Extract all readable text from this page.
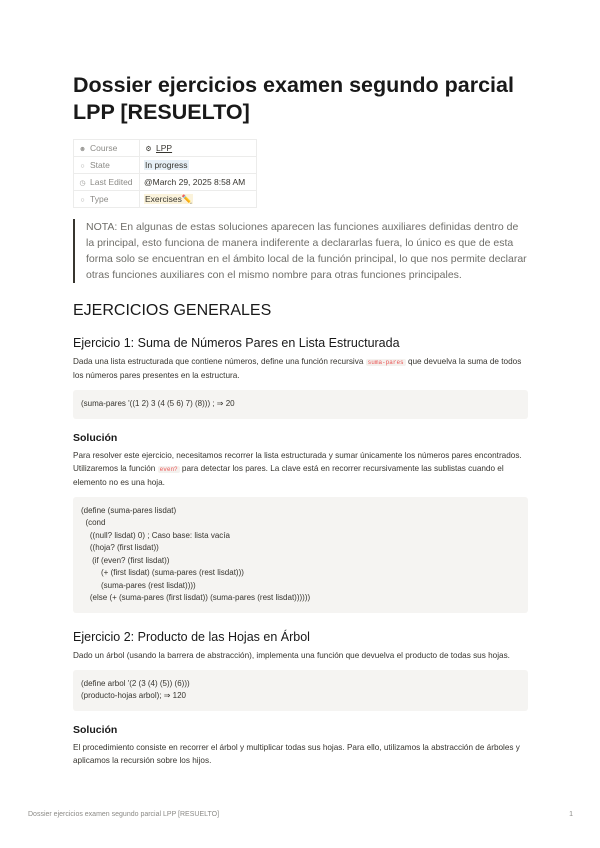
Dossier ejercicios examen segundo parcial LPP [RESUELTO]
☻ Course	⚙ LPP
○ State	In progress
◷ Last Edited	@March 29, 2025 8:58 AM
○ Type	Exercises✏️
NOTA: En algunas de estas soluciones aparecen las funciones auxiliares definidas dentro de la principal, esto funciona de manera indiferente a declararlas fuera, lo único es que de esta forma solo se encuentran en el ámbito local de la función principal, lo que nos permite declarar otras funciones auxiliares con el mismo nombre para otras funciones principales.
EJERCICIOS GENERALES
Ejercicio 1: Suma de Números Pares en Lista Estructurada

Dada una lista estructurada que contiene números, define una función recursiva suma-pares que devuelva la suma de todos los números pares presentes en la estructura.

(suma-pares '((1 2) 3 (4 (5 6) 7) (8))) ; ⇒ 20
Solución

Para resolver este ejercicio, necesitamos recorrer la lista estructurada y sumar únicamente los números pares encontrados. Utilizaremos la función even? para detectar los pares. La clave está en recorrer recursivamente las sublistas cuando el elemento no es una hoja.

(define (suma-pares lisdat)
(cond
((null? lisdat) 0) ; Caso base: lista vacía
((hoja? (first lisdat))
(if (even? (first lisdat))
(+ (first lisdat) (suma-pares (rest lisdat)))
(suma-pares (rest lisdat))))
(else (+ (suma-pares (first lisdat)) (suma-pares (rest lisdat))))))
Ejercicio 2: Producto de las Hojas en Árbol

Dado un árbol (usando la barrera de abstracción), implementa una función que devuelva el producto de todas sus hojas.

(define arbol '(2 (3 (4) (5)) (6)))
(producto-hojas arbol); ⇒ 120
Solución

El procedimiento consiste en recorrer el árbol y multiplicar todas sus hojas. Para ello, utilizamos la abstracción de árboles y aplicamos la recursión sobre los hijos.

Dossier ejercicios examen segundo parcial LPP [RESUELTO]	1
